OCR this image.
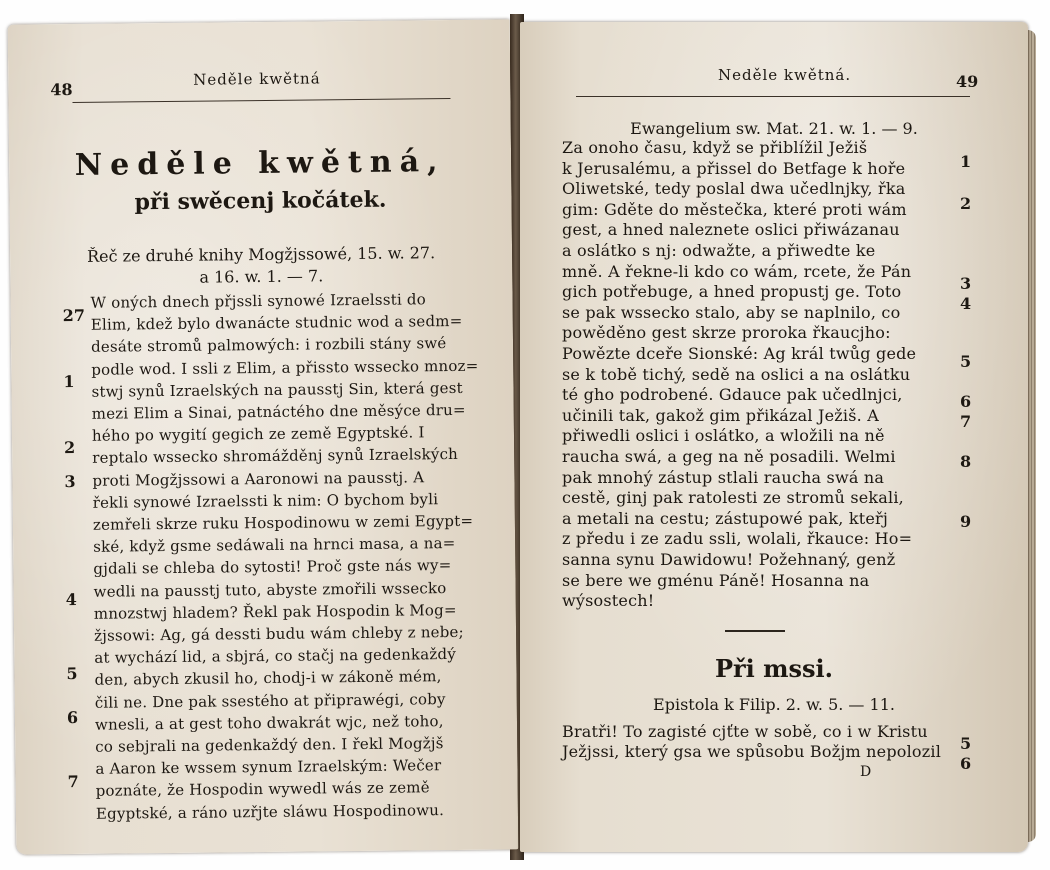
48
Neděle kwětná
Neděle kwětná,
při swěcenj kočátek.
Řeč ze druhé knihy Mogžjssowé, 15. w. 27.
a 16. w. 1. — 7.
W oných dnech přjssli synowé Izraelssti do
Elim, kdež bylo dwanácte studnic wod a sedm=
desáte stromů palmowých: i rozbili stány swé
podle wod. I ssli z Elim, a přissto wssecko mnoz=
stwj synů Izraelských na pausstj Sin, která gest
mezi Elim a Sinai, patnáctého dne měsýce dru=
hého po wygití gegich ze země Egyptské. I
reptalo wssecko shromážděnj synů Izraelských
proti Mogžjssowi a Aaronowi na pausstj. A
řekli synowé Izraelssti k nim: O bychom byli
zemřeli skrze ruku Hospodinowu w zemi Egypt=
ské, když gsme sedáwali na hrnci masa, a na=
gjdali se chleba do sytosti! Proč gste nás wy=
wedli na pausstj tuto, abyste zmořili wssecko
mnozstwj hladem? Řekl pak Hospodin k Mog=
žjssowi: Ag, gá dessti budu wám chleby z nebe;
at wychází lid, a sbjrá, co stačj na gedenkaždý
den, abych zkusil ho, chodj-i w zákoně mém,
čili ne. Dne pak ssestého at připrawégi, coby
wnesli, a at gest toho dwakrát wjc, než toho,
co sebjrali na gedenkaždý den. I řekl Mogžjš
a Aaron ke wssem synum Izraelským: Wečer
poznáte, že Hospodin wywedl wás ze země
Egyptské, a ráno uzřjte sláwu Hospodinowu.
27
1
2
3
4
5
6
7
Neděle kwětná.	49
Ewangelium sw. Mat. 21. w. 1. — 9.
Za onoho času, když se přiblížil Ježiš
k Jerusalému, a přissel do Betfage k hoře
Oliwetské, tedy poslal dwa učedlnjky, řka
gim: Gděte do městečka, které proti wám
gest, a hned naleznete oslici přiwázanau
a oslátko s nj: odwažte, a přiwedte ke
mně. A řekne-li kdo co wám, rcete, že Pán
gich potřebuge, a hned propustj ge. Toto
se pak wssecko stalo, aby se naplnilo, co
powěděno gest skrze proroka řkaucjho:
Powězte dceře Sionské: Ag král twůg gede
se k tobě tichý, sedě na oslici a na oslátku
té gho podrobené. Gdauce pak učedlnjci,
učinili tak, gakož gim přikázal Ježiš. A
přiwedli oslici i oslátko, a wložili na ně
rauchа swá, a geg na ně posadili. Welmi
pak mnohý zástup stlali raucha swá na
cestě, ginj pak ratolesti ze stromů sekali,
a metali na cestu; zástupowé pak, kteřj
z předu i ze zadu ssli, wolali, řkauce: Ho=
sanna synu Dawidowu! Požehnaný, genž
se bere we gménu Páně! Hosanna na
wýsostech!
1
2
3
4
5
6
7
8
9
5
6
Při mssi.
Epistola k Filip. 2. w. 5. — 11.
Bratři! To zagisté cjťte w sobě, co i w Kristu
Ježjssi, který gsa we spůsobu Božjm nepolozil
D
